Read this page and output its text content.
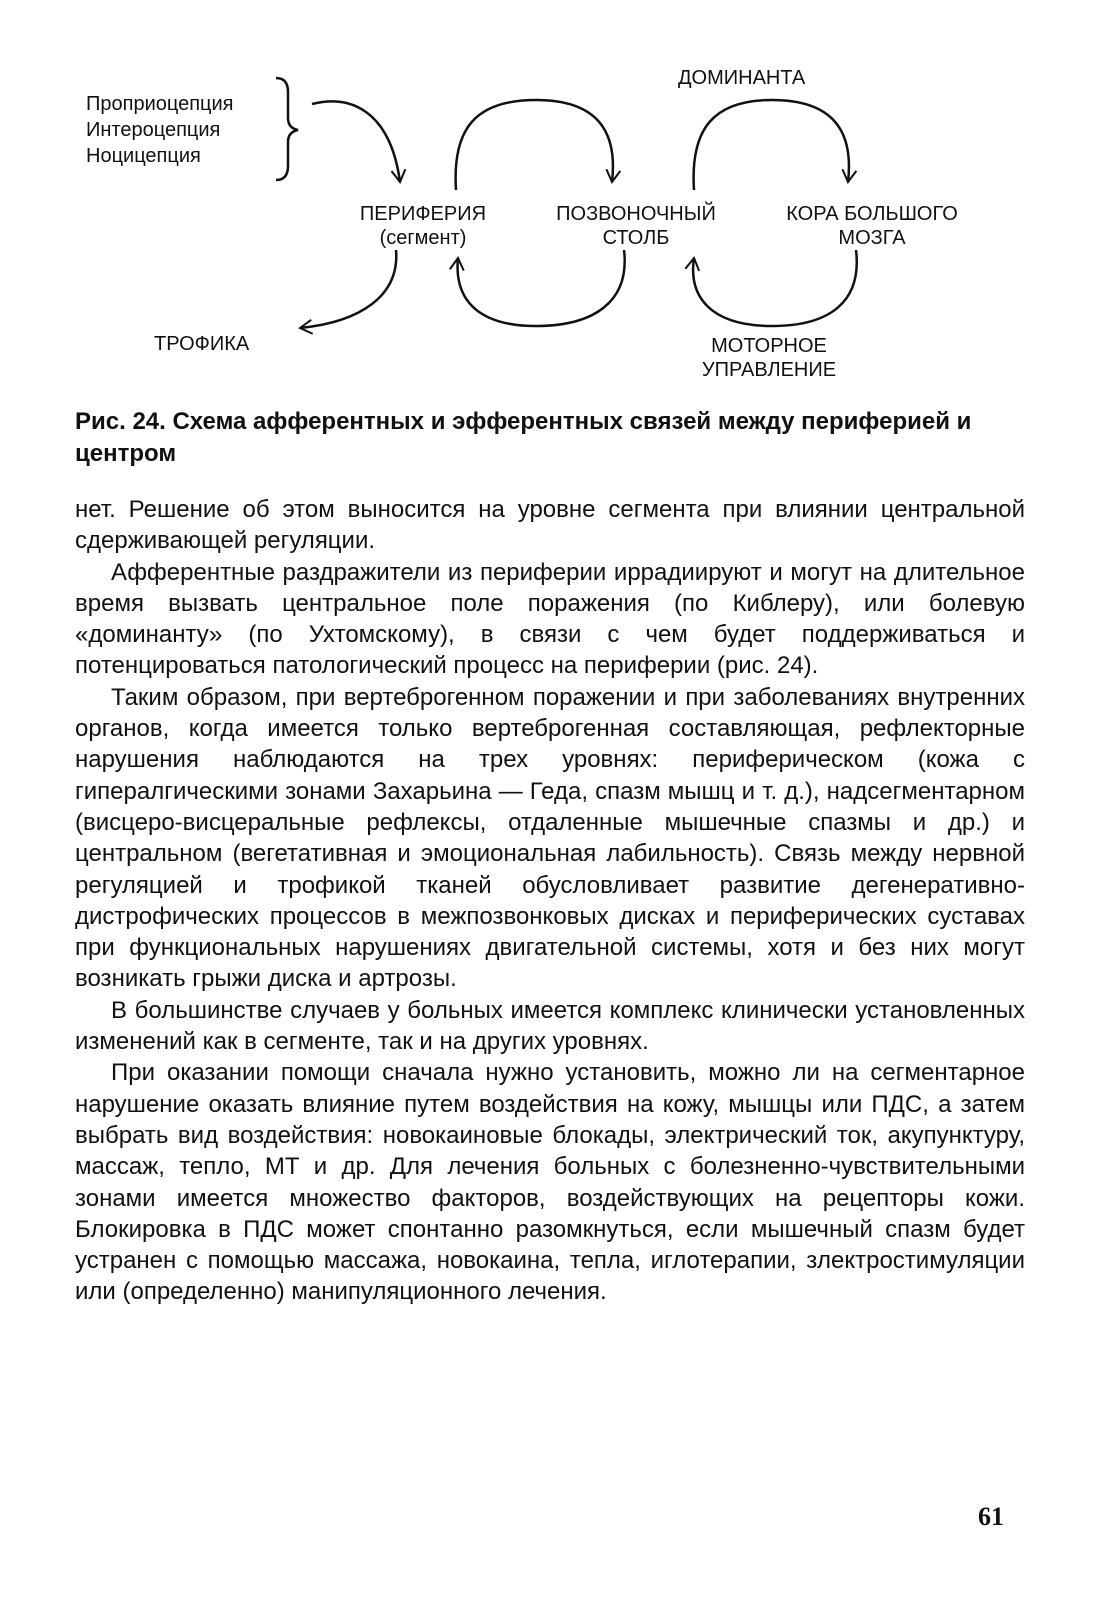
Проприоцепция
Интероцепция
Ноцицепция
ДОМИНАНТА
ПЕРИФЕРИЯ
(сегмент)
ПОЗВОНОЧНЫЙ
СТОЛБ
КОРА БОЛЬШОГО
МОЗГА
ТРОФИКА	МОТОРНОЕ
УПРАВЛЕНИЕ

Рис. 24. Схема афферентных и эфферентных связей между периферией и центром

нет. Решение об этом выносится на уровне сегмента при влиянии центральной сдерживающей регуляции.

Афферентные раздражители из периферии иррадиируют и могут на длительное время вызвать центральное поле поражения (по Киблеру), или болевую «доминанту» (по Ухтомскому), в связи с чем будет поддерживаться и потенцироваться патологический процесс на периферии (рис. 24).

Таким образом, при вертеброгенном поражении и при заболеваниях внутренних органов, когда имеется только вертеброгенная составляющая, рефлекторные нарушения наблюдаются на трех уровнях: периферическом (кожа с гипералгическими зонами Захарьина — Геда, спазм мышц и т. д.), надсегментарном (висцеро-висцеральные рефлексы, отдаленные мышечные спазмы и др.) и центральном (вегетативная и эмоциональная лабильность). Связь между нервной регуляцией и трофикой тканей обусловливает развитие дегенеративно-дистрофических процессов в межпозвонковых дисках и периферических суставах при функциональных нарушениях двигательной системы, хотя и без них могут возникать грыжи диска и артрозы.

В большинстве случаев у больных имеется комплекс клинически установленных изменений как в сегменте, так и на других уровнях.

При оказании помощи сначала нужно установить, можно ли на сегментарное нарушение оказать влияние путем воздействия на кожу, мышцы или ПДС, а затем выбрать вид воздействия: новокаиновые блокады, электрический ток, акупунктуру, массаж, тепло, МТ и др. Для лечения больных с болезненно-чувствительными зонами имеется множество факторов, воздействующих на рецепторы кожи. Блокировка в ПДС может спонтанно разомкнуться, если мышечный спазм будет устранен с помощью массажа, новокаина, тепла, иглотерапии, злектростимуляции или (определенно) манипуляционного лечения.

61
